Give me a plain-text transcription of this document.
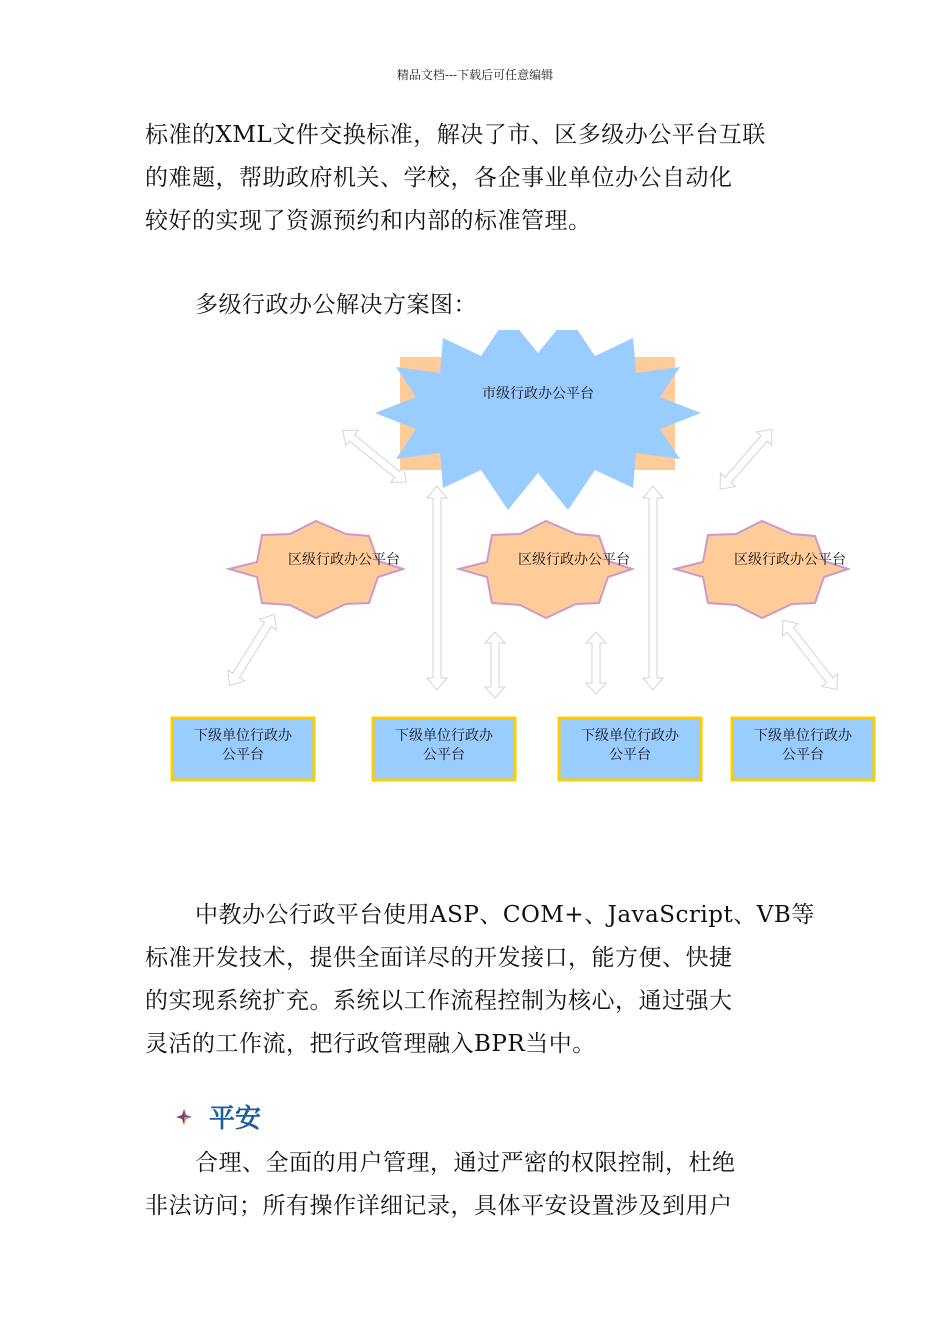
精品文档---下载后可任意编辑

标准的XML文件交换标准，解决了市、区多级办公平台互联
的难题，帮助政府机关、学校，各企事业单位办公自动化
较好的实现了资源预约和内部的标准管理。

多级行政办公解决方案图：

市级行政办公平台
区级行政办公平台	区级行政办公平台	区级行政办公平台
下级单位行政办
公平台
下级单位行政办
公平台
下级单位行政办
公平台
下级单位行政办
公平台

中教办公行政平台使用ASP、COM+、JavaScript、VB等
标准开发技术，提供全面详尽的开发接口，能方便、快捷
的实现系统扩充。系统以工作流程控制为核心，通过强大
灵活的工作流，把行政管理融入BPR当中。

平安

合理、全面的用户管理，通过严密的权限控制，杜绝
非法访问；所有操作详细记录，具体平安设置涉及到用户
